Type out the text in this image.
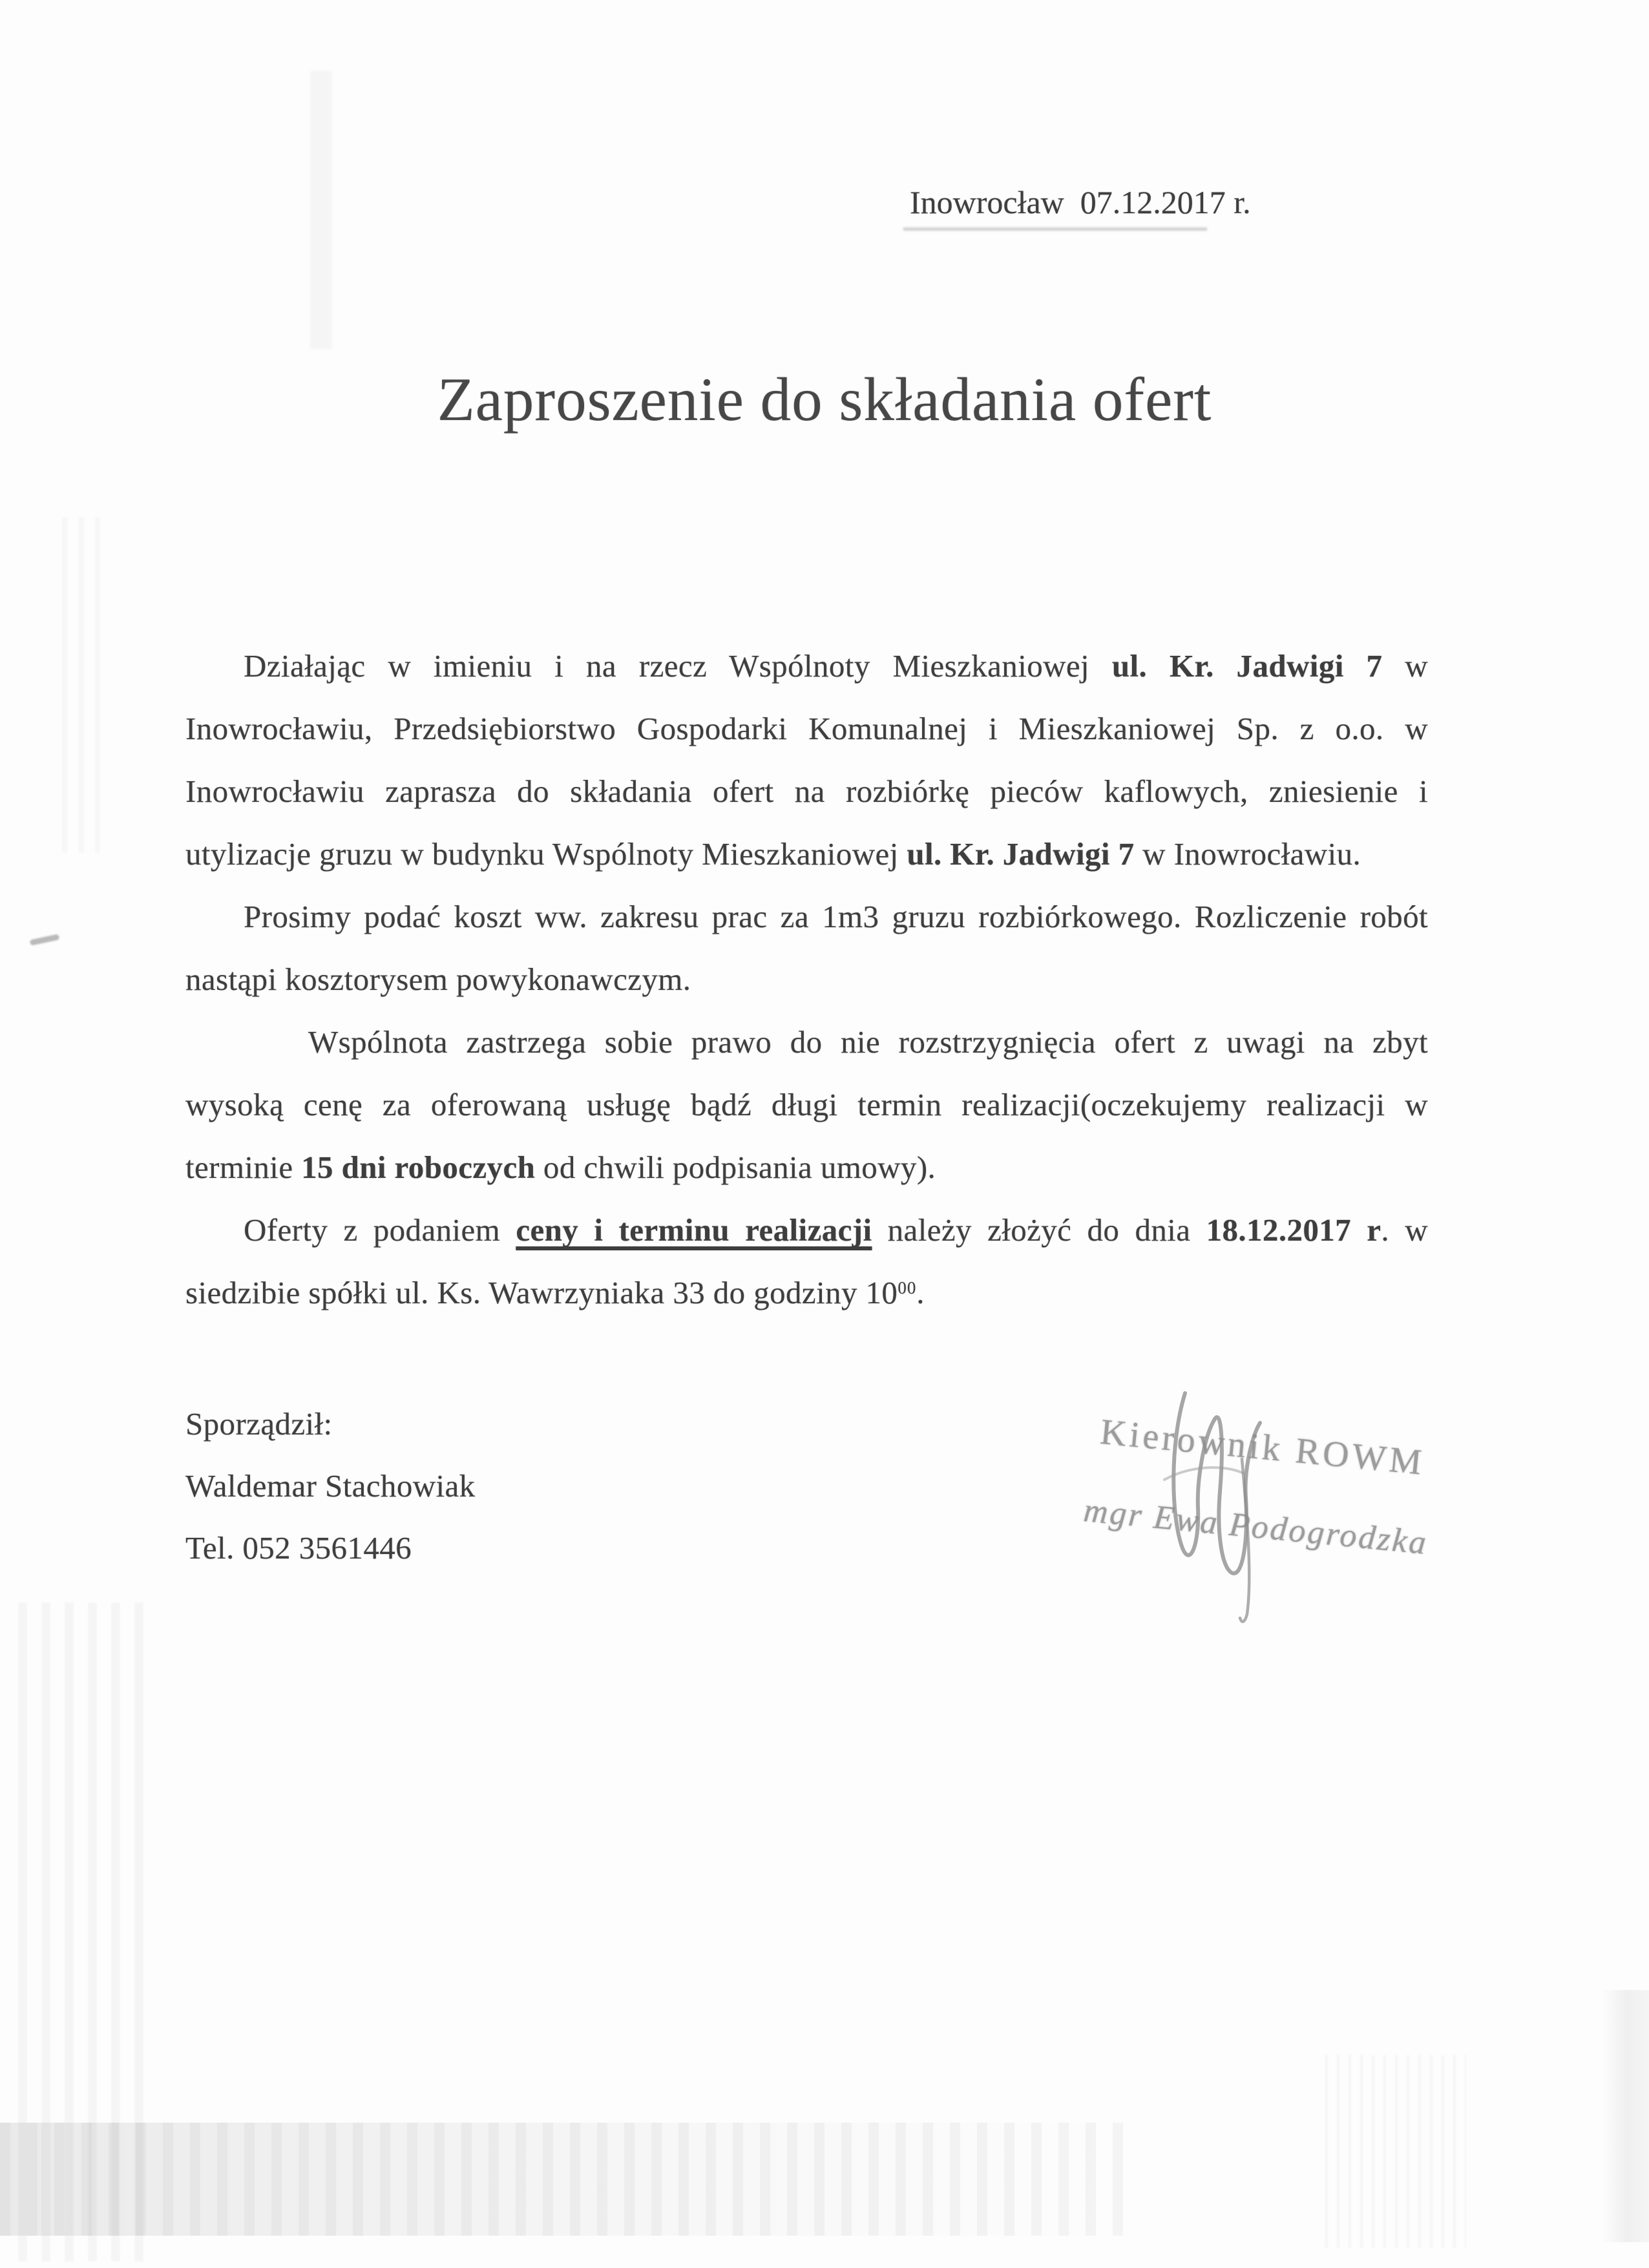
Inowrocław  07.12.2017 r.
Zaproszenie do składania ofert
Działając w imieniu i na rzecz Wspólnoty Mieszkaniowej ul. Kr. Jadwigi 7 w
Inowrocławiu, Przedsiębiorstwo Gospodarki Komunalnej i Mieszkaniowej Sp. z o.o. w
Inowrocławiu zaprasza do składania ofert na rozbiórkę pieców kaflowych, zniesienie i
utylizacje gruzu w budynku Wspólnoty Mieszkaniowej ul. Kr. Jadwigi 7 w Inowrocławiu.
Prosimy podać koszt ww. zakresu prac za 1m3 gruzu rozbiórkowego. Rozliczenie robót
nastąpi kosztorysem powykonawczym.
Wspólnota zastrzega sobie prawo do nie rozstrzygnięcia ofert z uwagi na zbyt
wysoką cenę za oferowaną usługę bądź długi termin realizacji(oczekujemy realizacji w
terminie 15 dni roboczych od chwili podpisania umowy).
Oferty z podaniem ceny i terminu realizacji należy złożyć do dnia 18.12.2017 r. w
siedzibie spółki ul. Ks. Wawrzyniaka 33 do godziny $10^{00}$.
Sporządził:
Waldemar Stachowiak
Tel. 052 3561446
Kierownik ROWM
mgr Ewa Podogrodzka
